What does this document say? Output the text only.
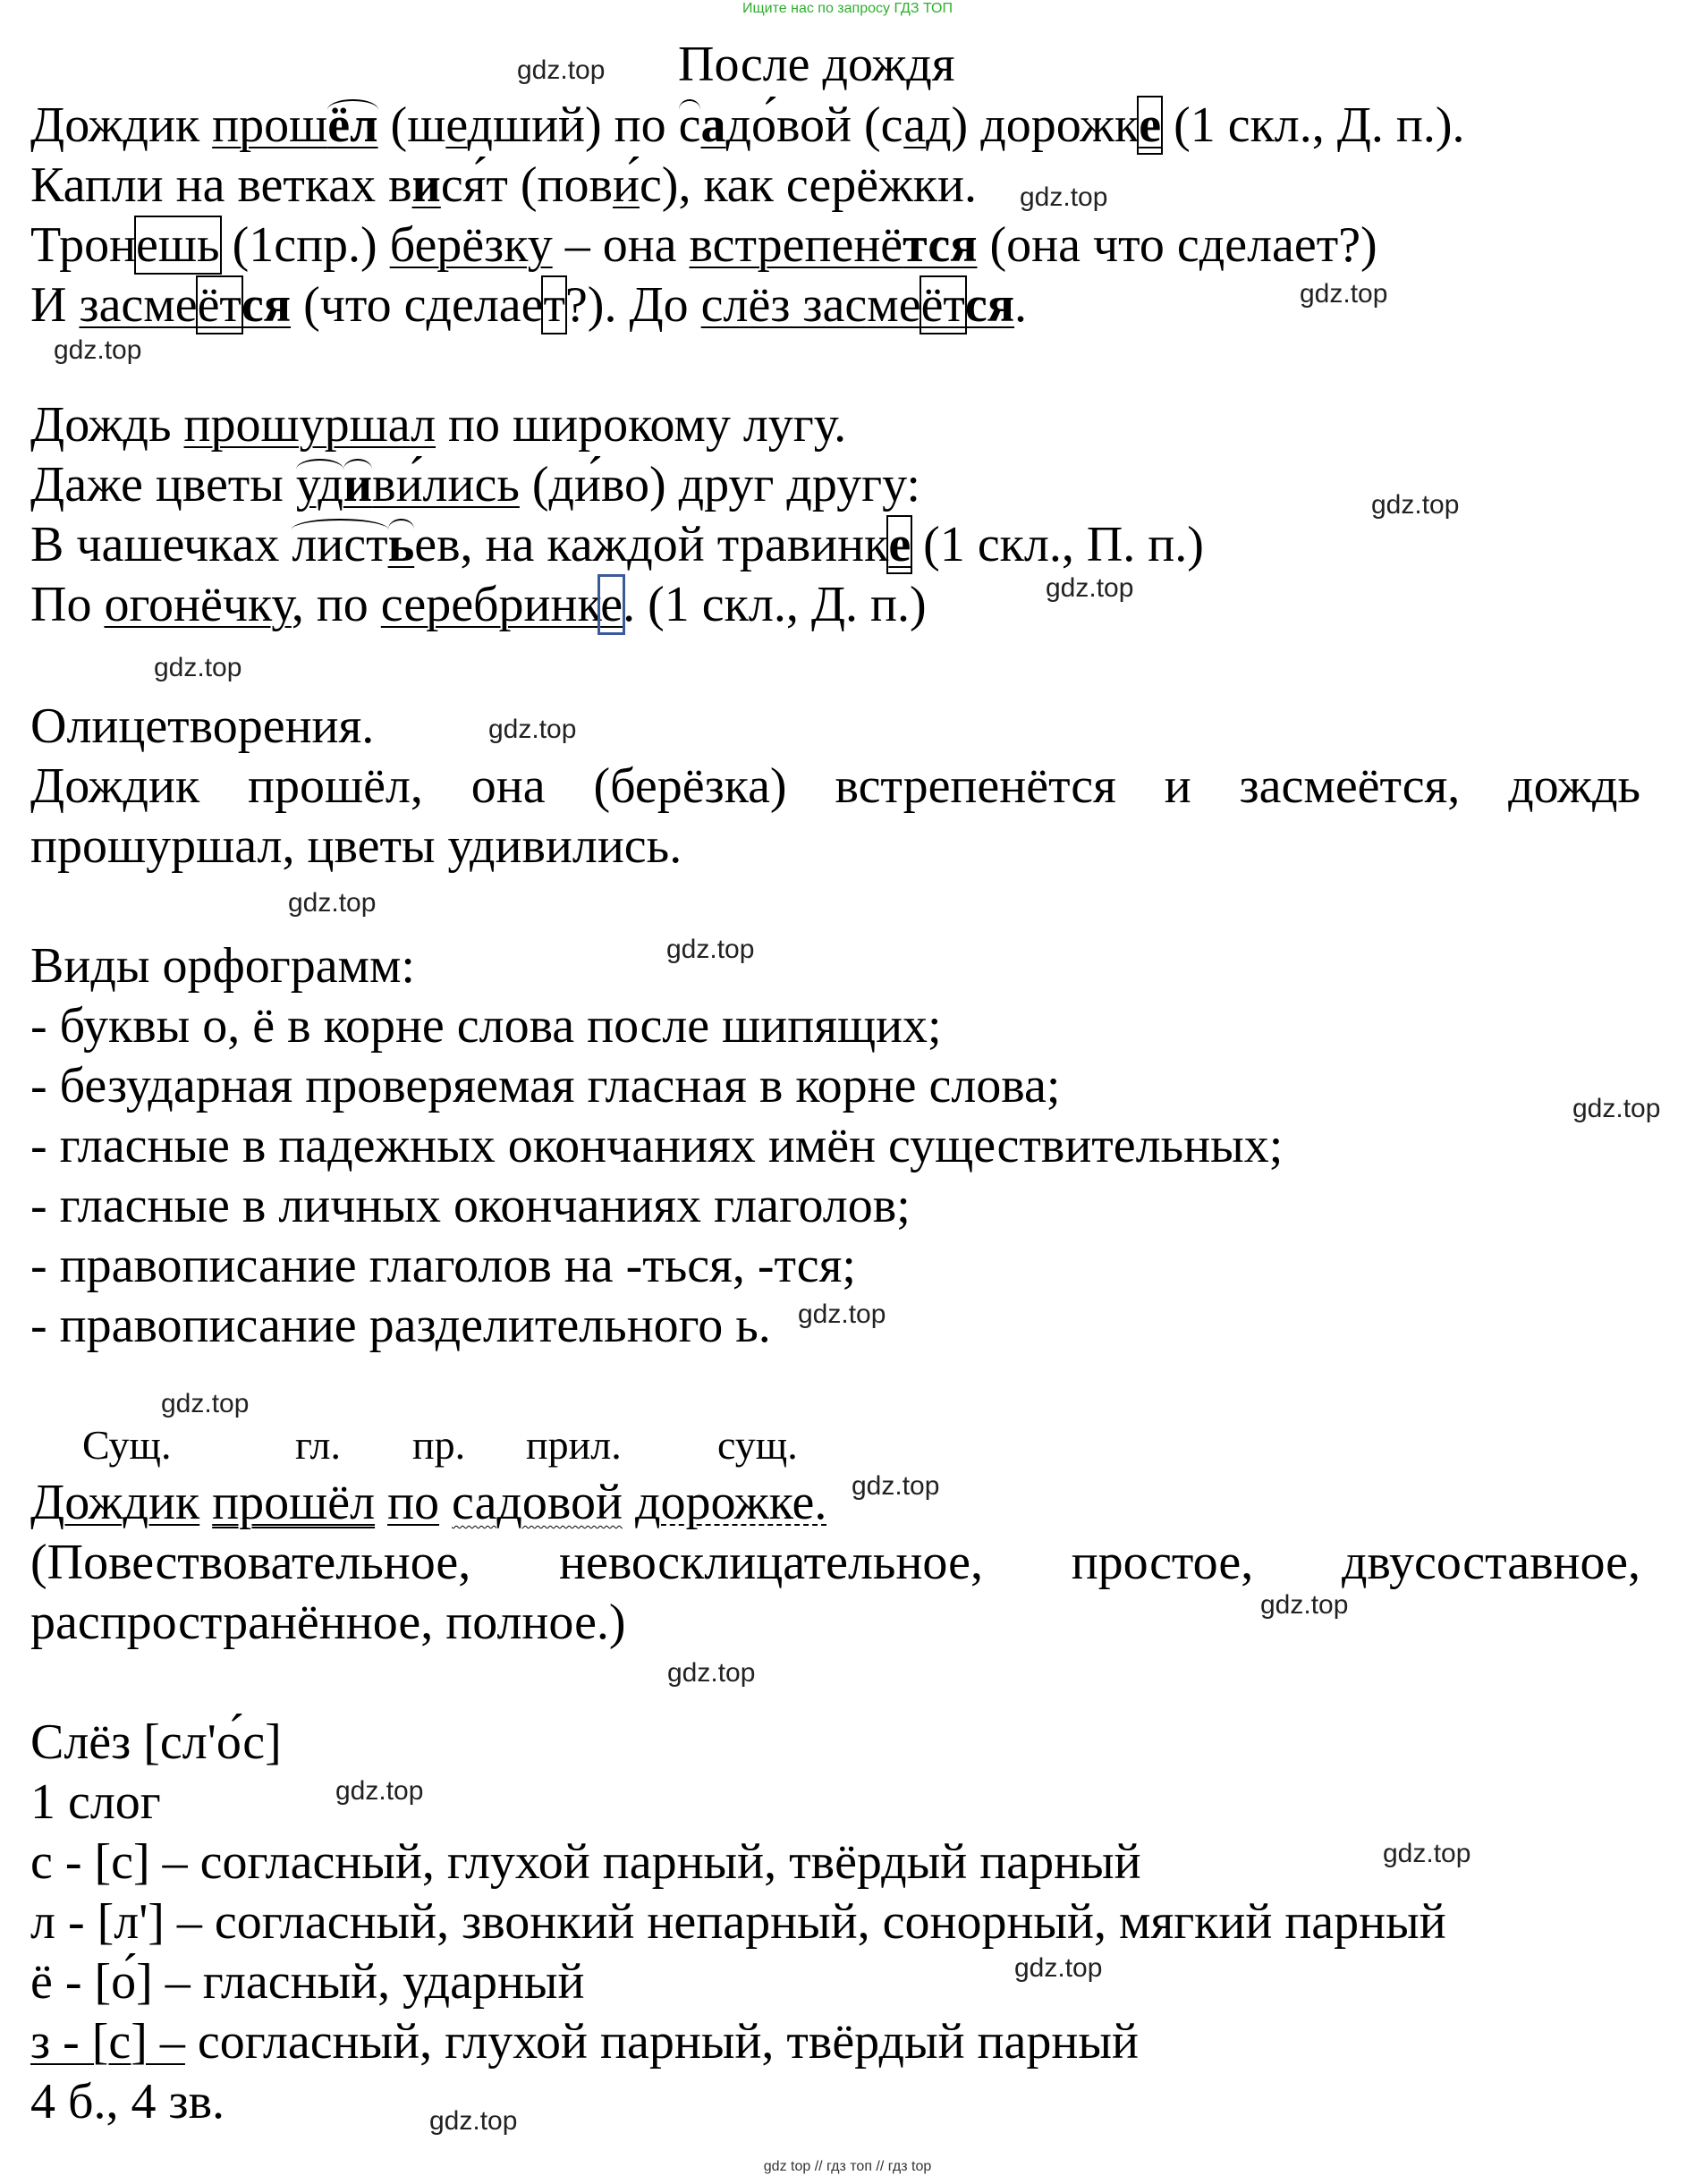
Ищите нас по запросу ГДЗ ТОП
gdz.top
gdz.top
gdz.top
gdz.top
gdz.top
gdz.top
gdz.top
gdz.top
gdz.top
gdz.top
gdz.top
gdz.top
gdz.top
gdz.top
gdz.top
gdz.top
gdz.top
gdz.top
gdz.top
gdz.top
После дождя
Дождик прошёл (шедший) по садо́вой (сад) дорожке (1 скл., Д. п.).
Капли на ветках вися́т (пови́с), как серёжки.
Тронешь (1спр.) берёзку – она встрепенётся (она что сделает?)
И засмеётся (что сделает?). До слёз засмеётся.
Дождь прошуршал по широкому лугу.
Даже цветы удиви́лись (ди́во) друг другу:
В чашечках листьев, на каждой травинке (1 скл., П. п.)
По огонёчку, по серебринке. (1 скл., Д. п.)
Олицетворения.
Дождик прошёл, она (берёзка) встрепенётся и засмеётся, дождь
прошуршал, цветы удивились.
Виды орфограмм:
- буквы о, ё в корне слова после шипящих;
- безударная проверяемая гласная в корне слова;
- гласные в падежных окончаниях имён существительных;
- гласные в личных окончаниях глаголов;
- правописание глаголов на -ться, -тся;
- правописание разделительного ь.
Сущ.	гл. пр. прил. сущ.
Дождик прошёл по садовой дорожке.
(Повествовательное, невосклицательное, простое, двусоставное,
распространённое, полное.)
Слёз [сл'о́с]
1 слог
с - [с] – согласный, глухой парный, твёрдый парный
л - [л'] – согласный, звонкий непарный, сонорный, мягкий парный
ё - [о́] – гласный, ударный
з - [с] – согласный, глухой парный, твёрдый парный
4 б., 4 зв.
gdz top // гдз топ // гдз top
